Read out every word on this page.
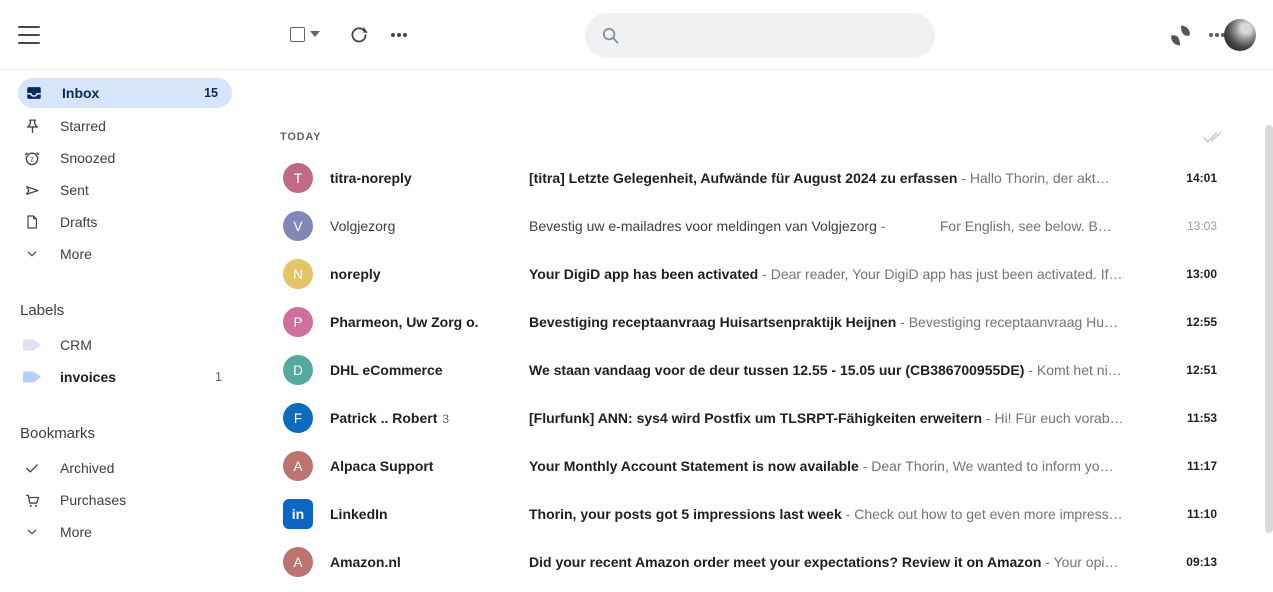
Inbox	15
Starred
z Snoozed
Sent
Drafts
More
Labels
CRM
invoices	1
Bookmarks
Archived
Purchases
More
TODAY
T	titra-noreply	[titra] Letzte Gelegenheit, Aufwände für August 2024 zu erfassen - Hallo Thorin, der akt…	14:01
V	Volgjezorg	Bevestig uw e-mailadres voor meldingen van Volgjezorg -              For English, see below. B…	13:03
N	noreply	Your DigiD app has been activated - Dear reader, Your DigiD app has just been activated. If…	13:00
P	Pharmeon, Uw Zorg o.	Bevestiging receptaanvraag Huisartsenpraktijk Heijnen - Bevestiging receptaanvraag Hu…	12:55
D	DHL eCommerce	We staan vandaag voor de deur tussen 12.55 - 15.05 uur (CB386700955DE) - Komt het ni…	12:51
F	Patrick .. Robert 3	[Flurfunk] ANN: sys4 wird Postfix um TLSRPT-Fähigkeiten erweitern - Hi! Für euch vorab…	11:53
A	Alpaca Support	Your Monthly Account Statement is now available - Dear Thorin, We wanted to inform yo…	11:17
in	LinkedIn	Thorin, your posts got 5 impressions last week - Check out how to get even more impress…	11:10
A	Amazon.nl	Did your recent Amazon order meet your expectations? Review it on Amazon - Your opi…	09:13
